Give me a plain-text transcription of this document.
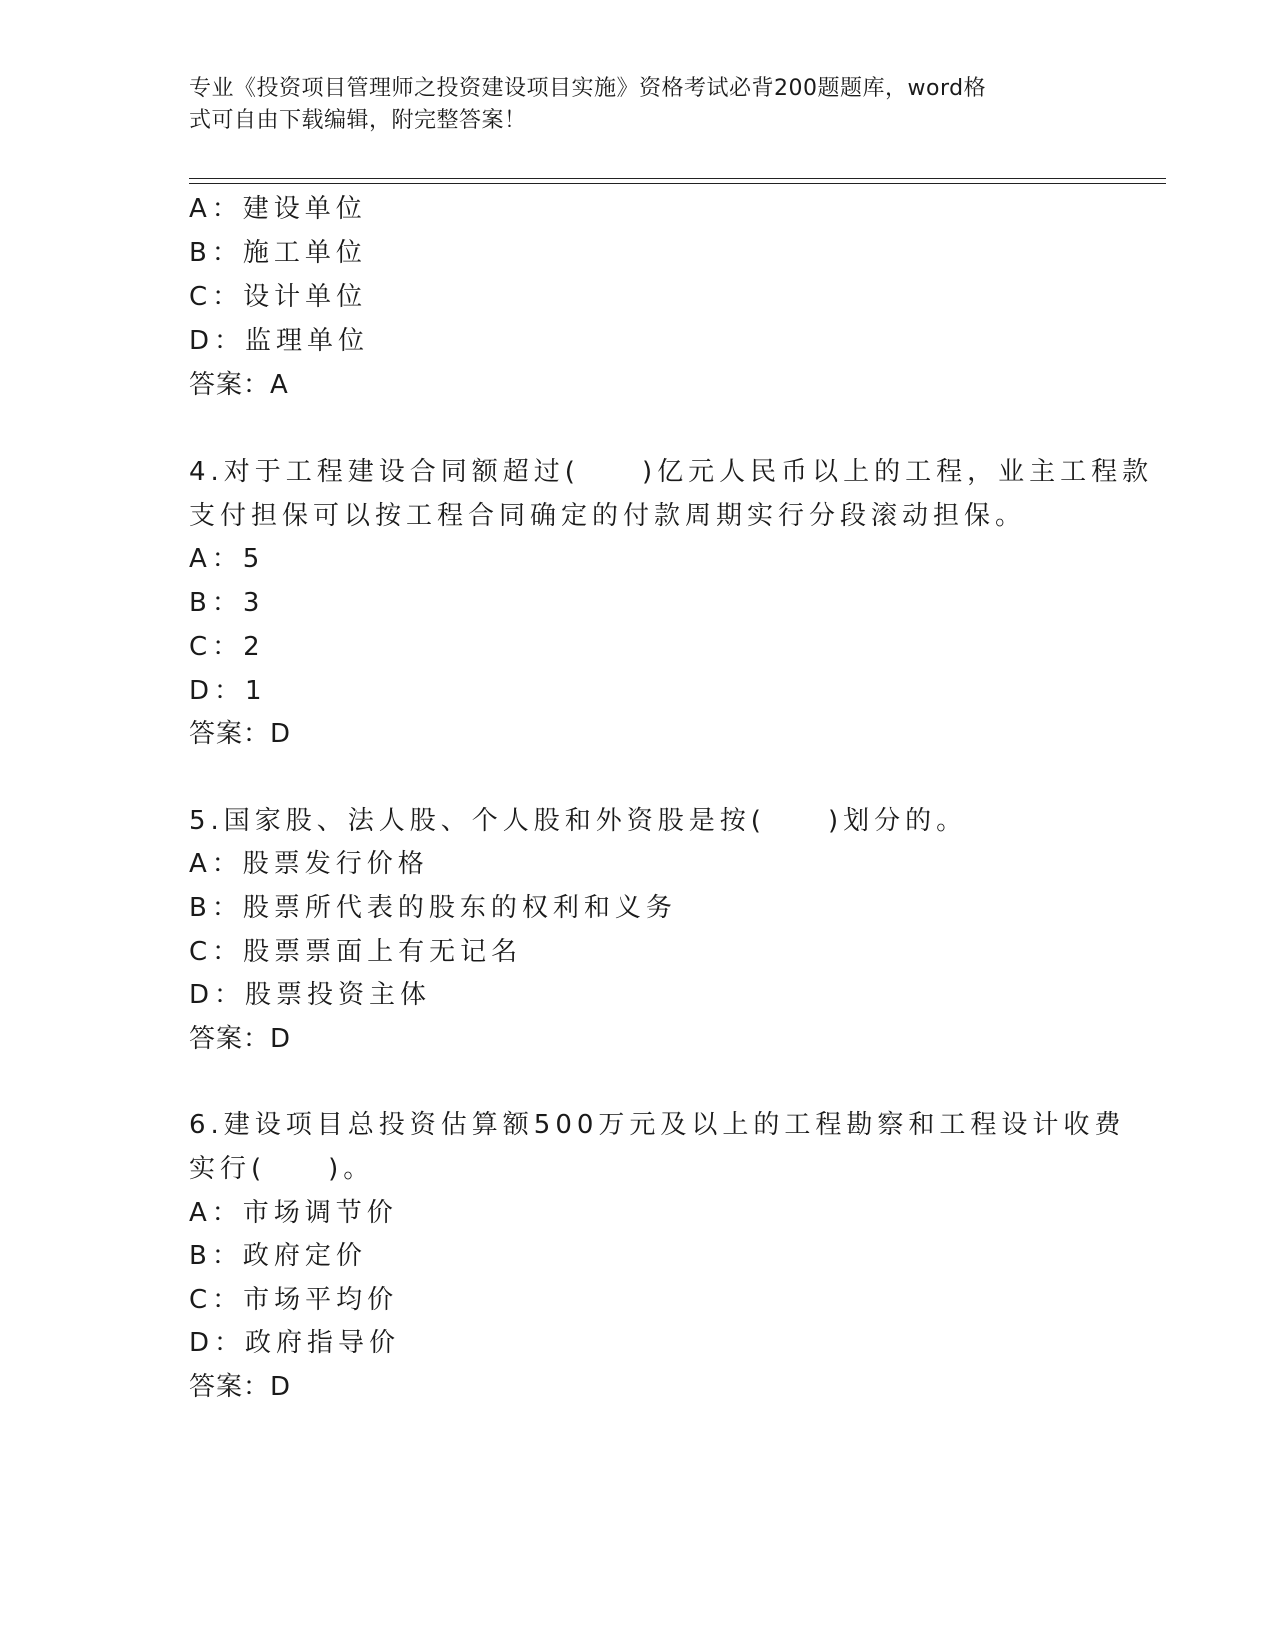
专业《投资项目管理师之投资建设项目实施》资格考试必背200题题库，word格
式可自由下载编辑，附完整答案！
A：建设单位
B：施工单位
C：设计单位
D：监理单位
答案：A
4.对于工程建设合同额超过(　　)亿元人民币以上的工程，业主工程款
支付担保可以按工程合同确定的付款周期实行分段滚动担保。
A：5
B：3
C：2
D：1
答案：D
5.国家股、法人股、个人股和外资股是按(　　)划分的。
A：股票发行价格
B：股票所代表的股东的权利和义务
C：股票票面上有无记名
D：股票投资主体
答案：D
6.建设项目总投资估算额500万元及以上的工程勘察和工程设计收费
实行(　　)。
A：市场调节价
B：政府定价
C：市场平均价
D：政府指导价
答案：D
